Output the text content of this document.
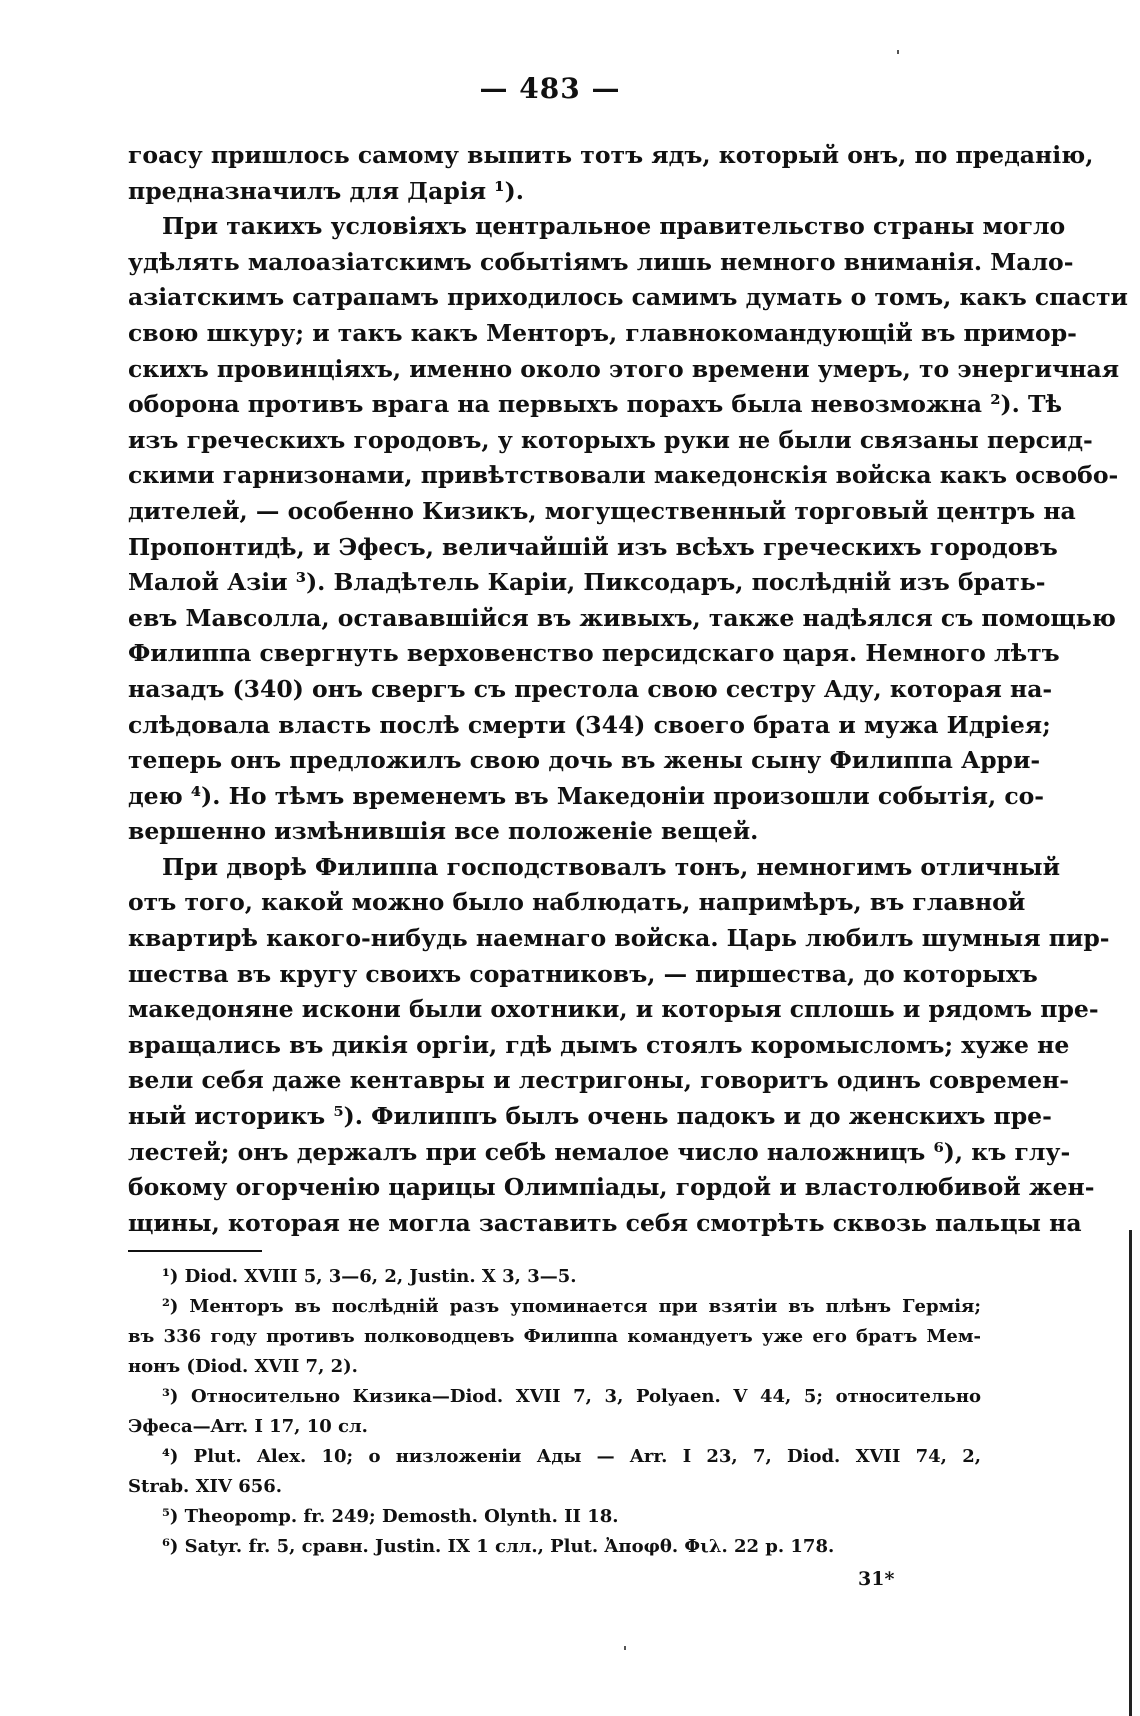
— 483 —
гоасу пришлось самому выпить тотъ ядъ, который онъ, по преданію,
предназначилъ для Дарія ¹).
При такихъ условіяхъ центральное правительство страны могло
удѣлять малоазіатскимъ событіямъ лишь немного вниманія. Мало-
азіатскимъ сатрапамъ приходилось самимъ думать о томъ, какъ спасти
свою шкуру; и такъ какъ Менторъ, главнокомандующій въ примор-
скихъ провинціяхъ, именно около этого времени умеръ, то энергичная
оборона противъ врага на первыхъ порахъ была невозможна ²). Тѣ
изъ греческихъ городовъ, у которыхъ руки не были связаны персид-
скими гарнизонами, привѣтствовали македонскія войска какъ освобо-
дителей, — особенно Кизикъ, могущественный торговый центръ на
Пропонтидѣ, и Эфесъ, величайшій изъ всѣхъ греческихъ городовъ
Малой Азіи ³). Владѣтель Каріи, Пиксодаръ, послѣдній изъ брать-
евъ Мавсолла, остававшійся въ живыхъ, также надѣялся съ помощью
Филиппа свергнуть верховенство персидскаго царя. Немного лѣтъ
назадъ (340) онъ свергъ съ престола свою сестру Аду, которая на-
слѣдовала власть послѣ смерти (344) своего брата и мужа Идріея;
теперь онъ предложилъ свою дочь въ жены сыну Филиппа Арри-
дею ⁴). Но тѣмъ временемъ въ Македоніи произошли событія, со-
вершенно измѣнившія все положеніе вещей.
При дворѣ Филиппа господствовалъ тонъ, немногимъ отличный
отъ того, какой можно было наблюдать, напримѣръ, въ главной
квартирѣ какого-нибудь наемнаго войска. Царь любилъ шумныя пир-
шества въ кругу своихъ соратниковъ, — пиршества, до которыхъ
македоняне искони были охотники, и которыя сплошь и рядомъ пре-
вращались въ дикія оргіи, гдѣ дымъ стоялъ коромысломъ; хуже не
вели себя даже кентавры и лестригоны, говоритъ одинъ современ-
ный историкъ ⁵). Филиппъ былъ очень падокъ и до женскихъ пре-
лестей; онъ держалъ при себѣ немалое число наложницъ ⁶), къ глу-
бокому огорченію царицы Олимпіады, гордой и властолюбивой жен-
щины, которая не могла заставить себя смотрѣть сквозь пальцы на
¹) Diod. XVIII 5, 3—6, 2, Justin. X 3, 3—5.
²) Менторъ въ послѣдній разъ упоминается при взятіи въ плѣнъ Гермія;
въ 336 году противъ полководцевъ Филиппа командуетъ уже его братъ Мем-
нонъ (Diod. XVII 7, 2).
³) Относительно Кизика—Diod. XVII 7, 3, Polyaen. V 44, 5; относительно
Эфеса—Arr. I 17, 10 сл.
⁴) Plut. Alex. 10; о низложеніи Ады — Arr. I 23, 7, Diod. XVII 74, 2,
Strab. XIV 656.
⁵) Theopomp. fr. 249; Demosth. Olynth. II 18.
⁶) Satyr. fr. 5, сравн. Justin. IX 1 слл., Plut. Ἀποφθ. Φιλ. 22 p. 178.
31*
